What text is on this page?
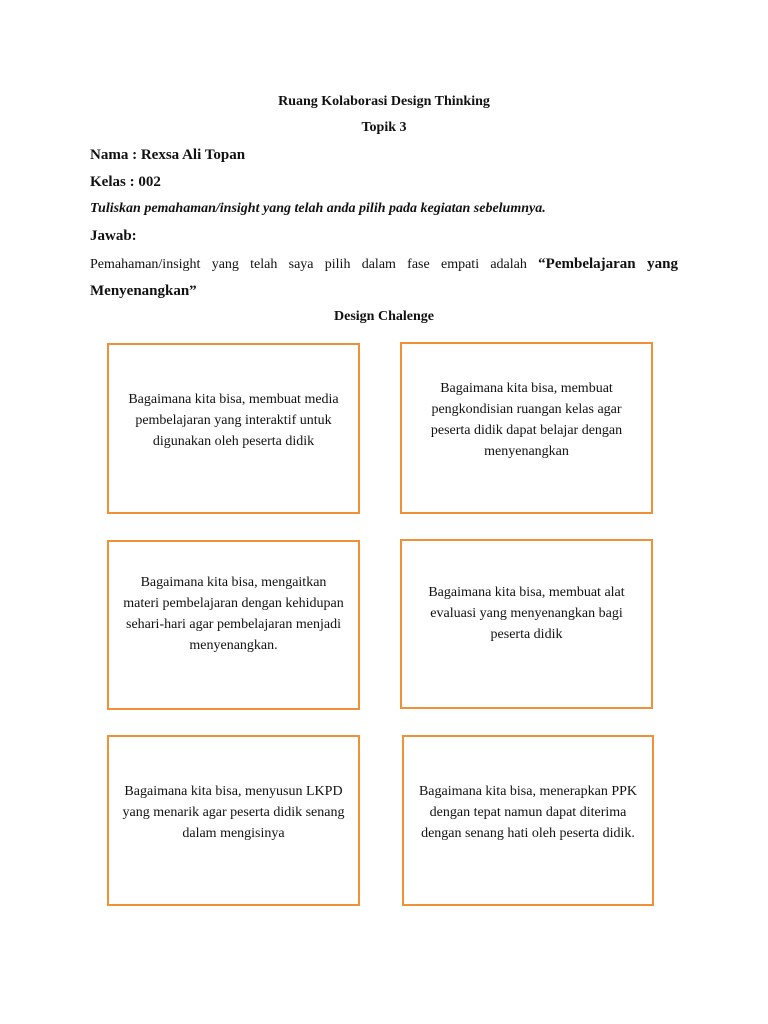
Ruang Kolaborasi Design Thinking
Topik 3
Nama : Rexsa Ali Topan
Kelas : 002
Tuliskan pemahaman/insight yang telah anda pilih pada kegiatan sebelumnya.
Jawab:
Pemahaman/insight yang telah saya pilih dalam fase empati adalah “Pembelajaran yang
Menyenangkan”
Design Chalenge
Bagaimana kita bisa, membuat media pembelajaran yang interaktif untuk digunakan oleh peserta didik
Bagaimana kita bisa, membuat pengkondisian ruangan kelas agar peserta didik dapat belajar dengan menyenangkan
Bagaimana kita bisa, mengaitkan materi pembelajaran dengan kehidupan sehari-hari agar pembelajaran menjadi menyenangkan.
Bagaimana kita bisa, membuat alat evaluasi yang menyenangkan bagi peserta didik
Bagaimana kita bisa, menyusun LKPD yang menarik agar peserta didik senang dalam mengisinya
Bagaimana kita bisa, menerapkan PPK dengan tepat namun dapat diterima dengan senang hati oleh peserta didik.
